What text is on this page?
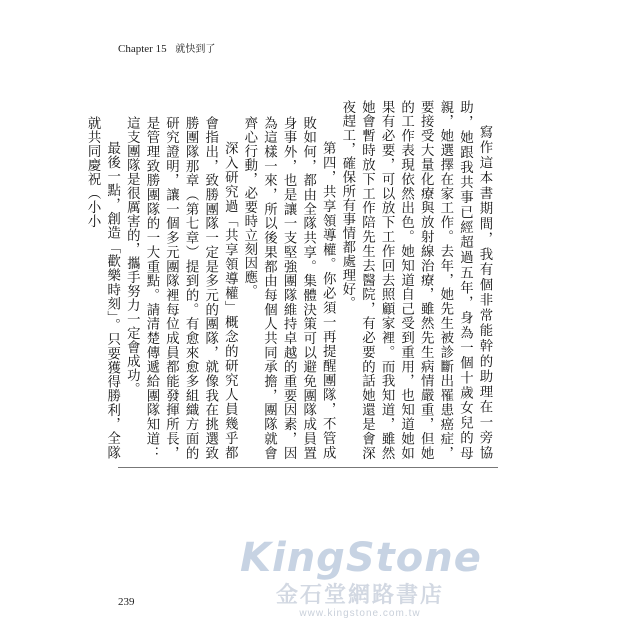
Chapter 15 就快到了

寫作這本書期間，我有個非常能幹的助理在一旁協助，她跟我共事已經超過五年，身為一個十歲女兒的母親，她選擇在家工作。去年，她先生被診斷出罹患癌症，要接受大量化療與放射線治療，雖然先生病情嚴重，但她的工作表現依然出色。她知道自己受到重用，也知道她如果有必要，可以放下工作回去照顧家裡。而我知道，雖然她會暫時放下工作陪先生去醫院，有必要的話她還是會深夜趕工，確保所有事情都處理好。

第四，共享領導權。你必須一再提醒團隊，不管成敗如何，都由全隊共享。集體決策可以避免團隊成員置身事外，也是讓一支堅強團隊維持卓越的重要因素，因為這樣一來，所以後果都由每個人共同承擔，團隊就會齊心行動，必要時立刻因應。

深入研究過「共享領導權」概念的研究人員幾乎都會指出，致勝團隊一定是多元的團隊，就像我在挑選致勝團隊那章（第七章）提到的。有愈來愈多組織方面的研究證明，讓一個多元團隊裡每位成員都能發揮所長，是管理致勝團隊的一大重點。請清楚傳遞給團隊知道：這支團隊是很厲害的，攜手努力一定會成功。

最後一點，創造「歡樂時刻」。只要獲得勝利，全隊就共同慶祝（小小

KingStone
金石堂網路書店
www.kingstone.com.tw
239
